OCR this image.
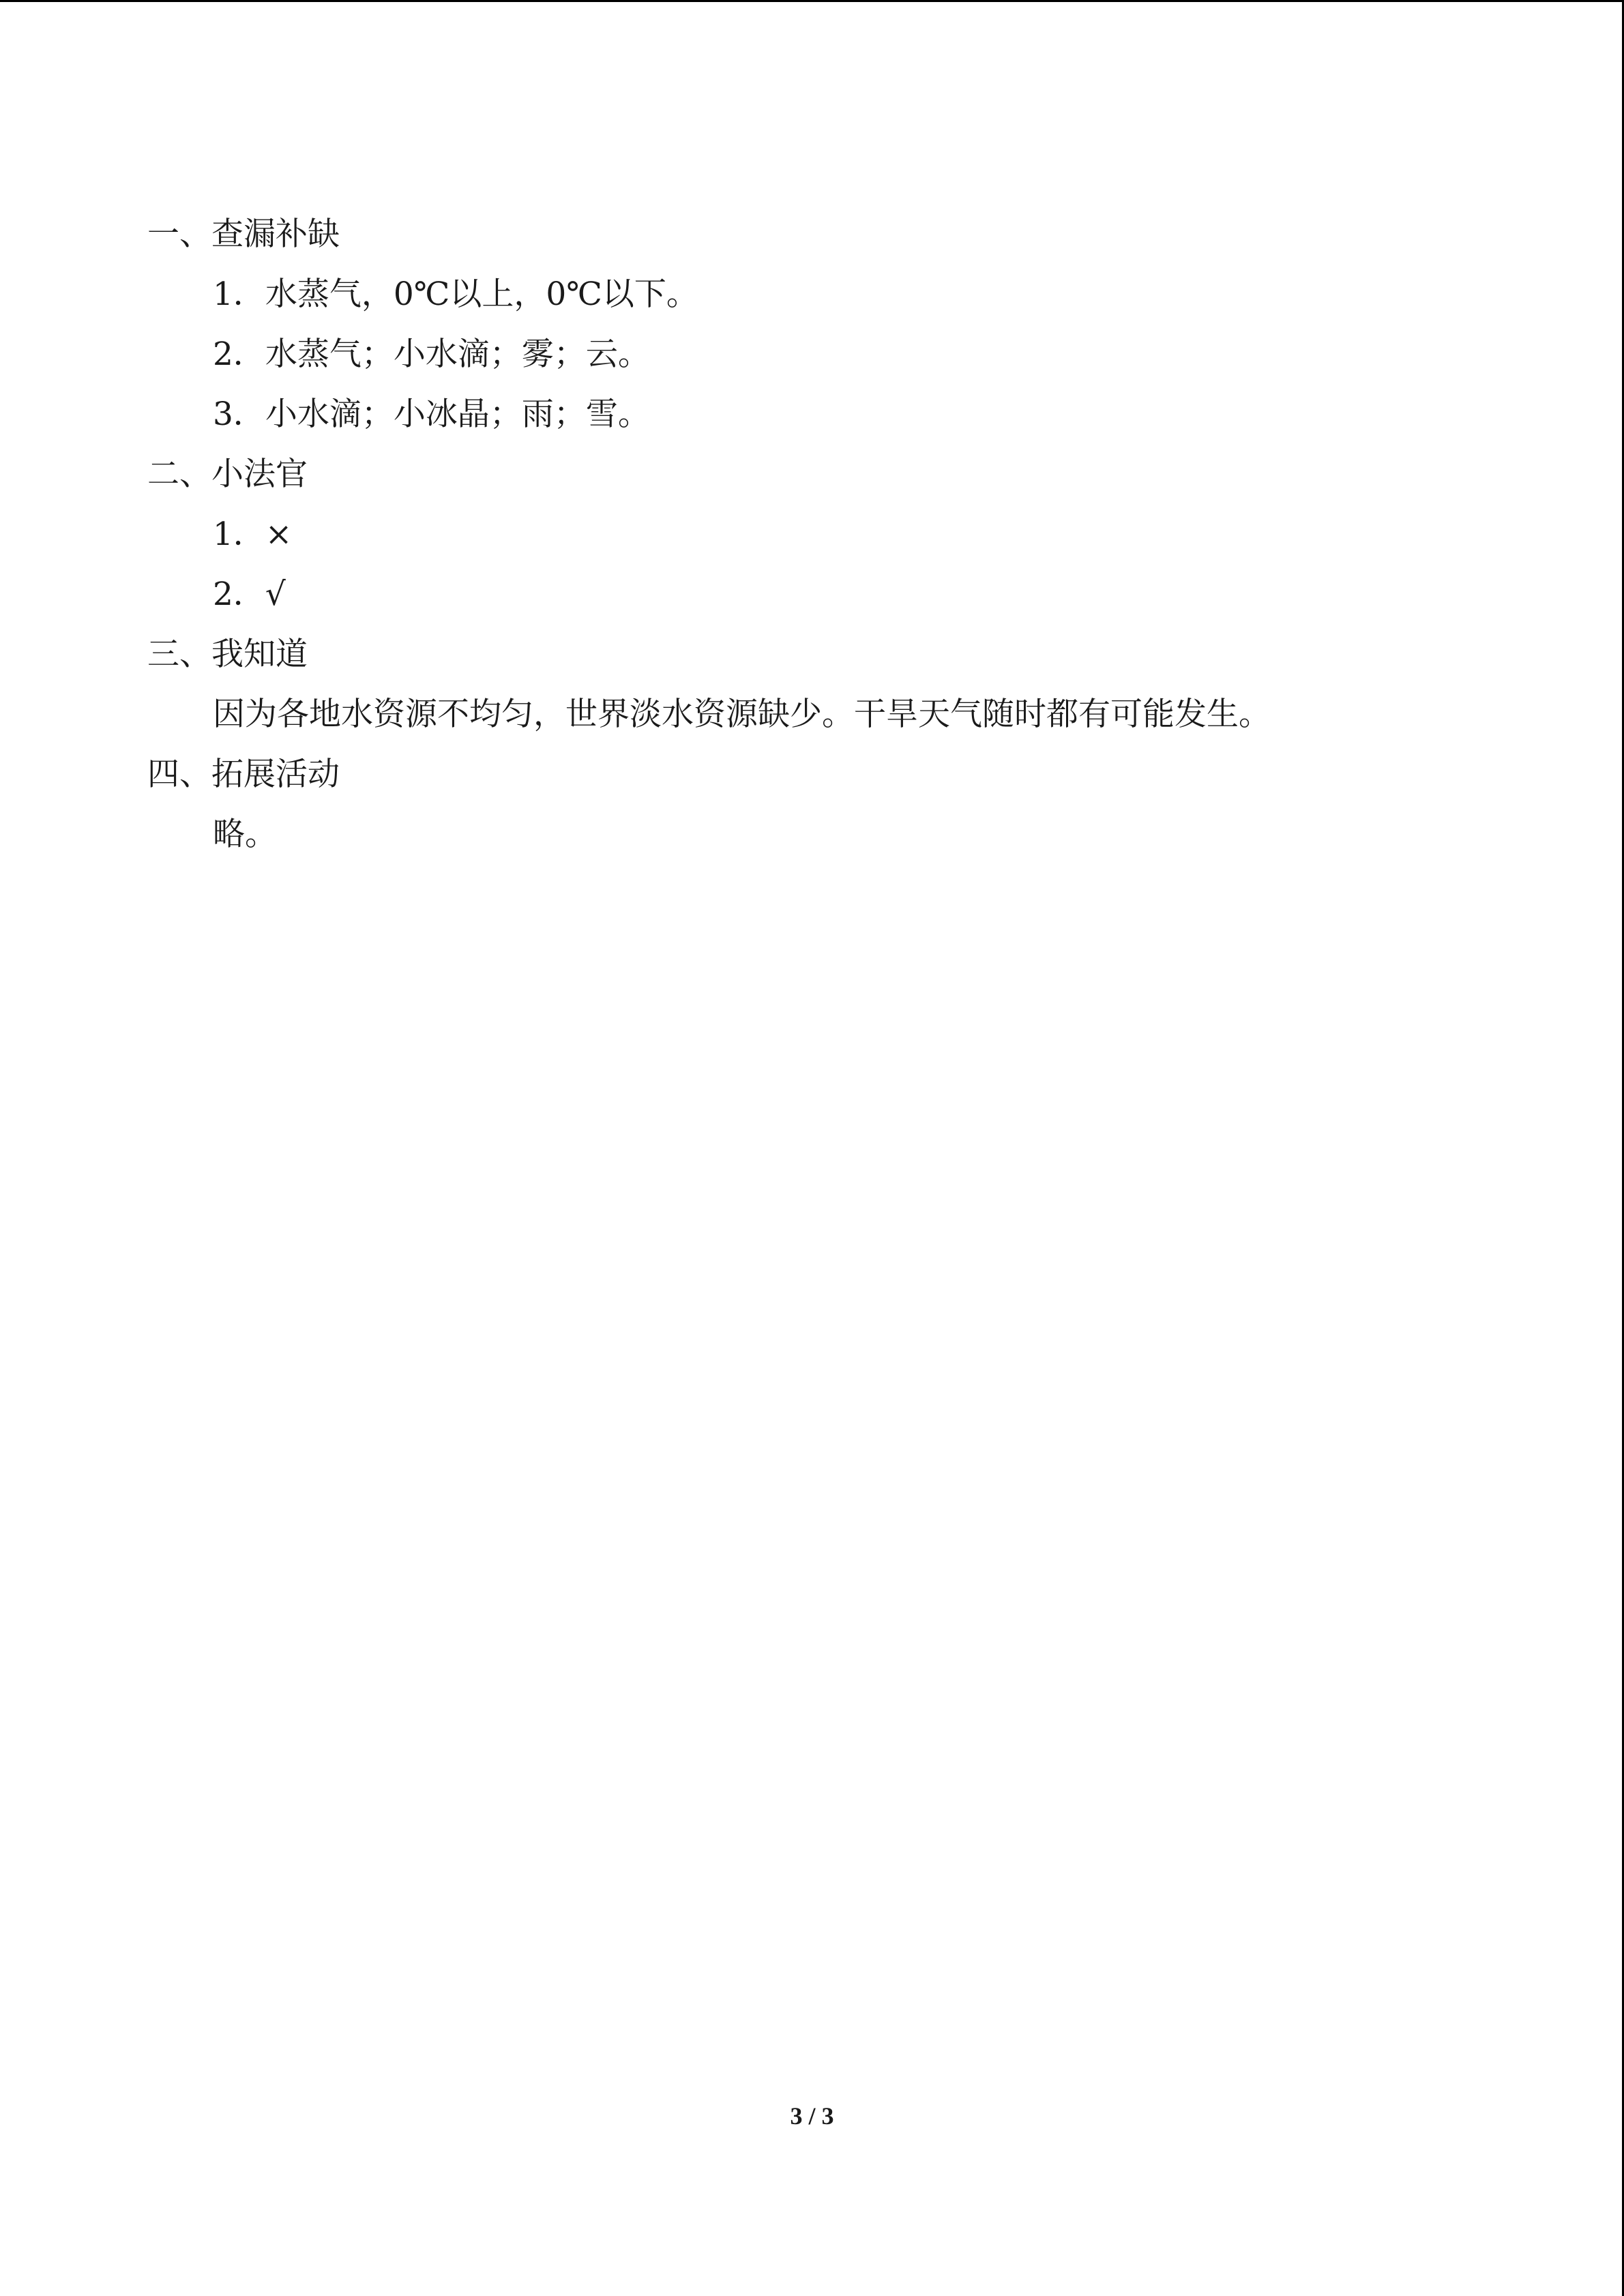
一、查漏补缺
1．水蒸气，0℃以上，0℃以下。
2．水蒸气；小水滴；雾；云。
3．小水滴；小冰晶；雨；雪。
二、小法官
1．×
2．√
三、我知道
因为各地水资源不均匀，世界淡水资源缺少。干旱天气随时都有可能发生。
四、拓展活动
略。
3 / 3
